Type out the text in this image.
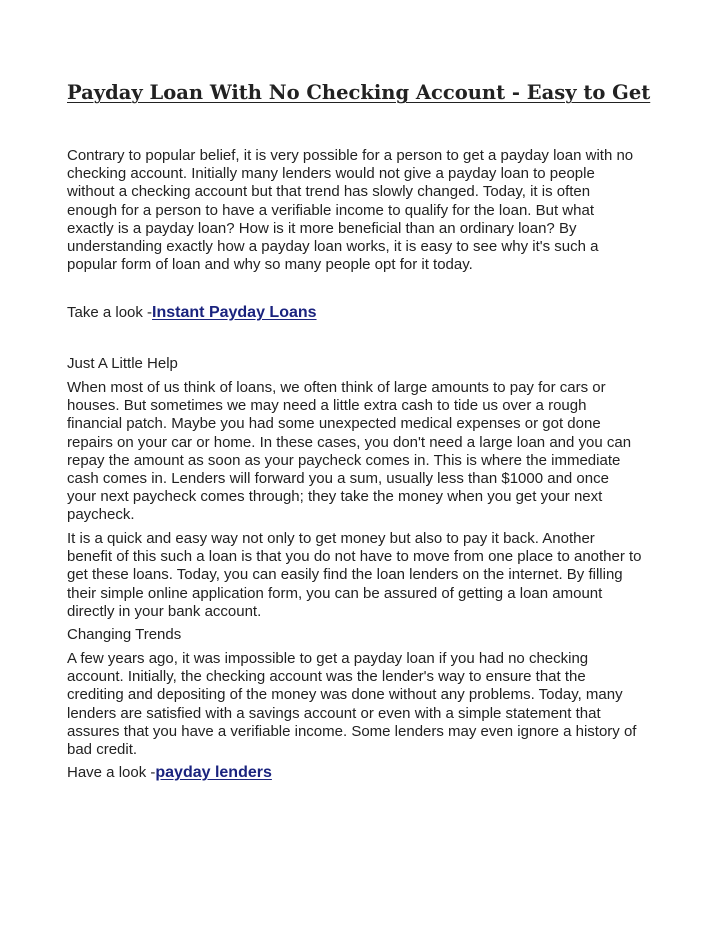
Payday Loan With No Checking Account - Easy to Get

Contrary to popular belief, it is very possible for a person to get a payday loan with no
checking account. Initially many lenders would not give a payday loan to people
without a checking account but that trend has slowly changed. Today, it is often
enough for a person to have a verifiable income to qualify for the loan. But what
exactly is a payday loan? How is it more beneficial than an ordinary loan? By
understanding exactly how a payday loan works, it is easy to see why it's such a
popular form of loan and why so many people opt for it today.

Take a look -Instant Payday Loans

Just A Little Help

When most of us think of loans, we often think of large amounts to pay for cars or
houses. But sometimes we may need a little extra cash to tide us over a rough
financial patch. Maybe you had some unexpected medical expenses or got done
repairs on your car or home. In these cases, you don't need a large loan and you can
repay the amount as soon as your paycheck comes in. This is where the immediate
cash comes in. Lenders will forward you a sum, usually less than $1000 and once
your next paycheck comes through; they take the money when you get your next
paycheck.

It is a quick and easy way not only to get money but also to pay it back. Another
benefit of this such a loan is that you do not have to move from one place to another to
get these loans. Today, you can easily find the loan lenders on the internet. By filling
their simple online application form, you can be assured of getting a loan amount
directly in your bank account.

Changing Trends

A few years ago, it was impossible to get a payday loan if you had no checking
account. Initially, the checking account was the lender's way to ensure that the
crediting and depositing of the money was done without any problems. Today, many
lenders are satisfied with a savings account or even with a simple statement that
assures that you have a verifiable income. Some lenders may even ignore a history of
bad credit.

Have a look -payday lenders
